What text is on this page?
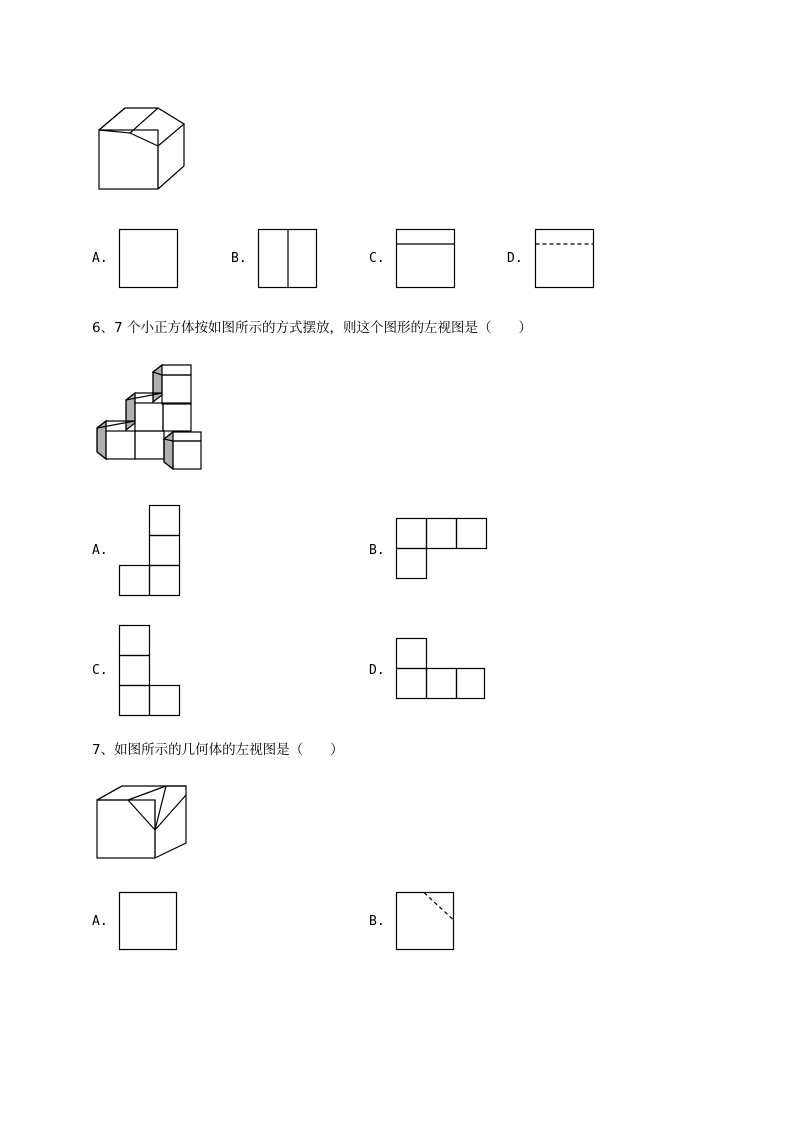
A.	B.	C.	D.
6、7 个小正方体按如图所示的方式摆放，则这个图形的左视图是（　　）
A.	B.
C.	D.
7、如图所示的几何体的左视图是（　　）
A.	B.
